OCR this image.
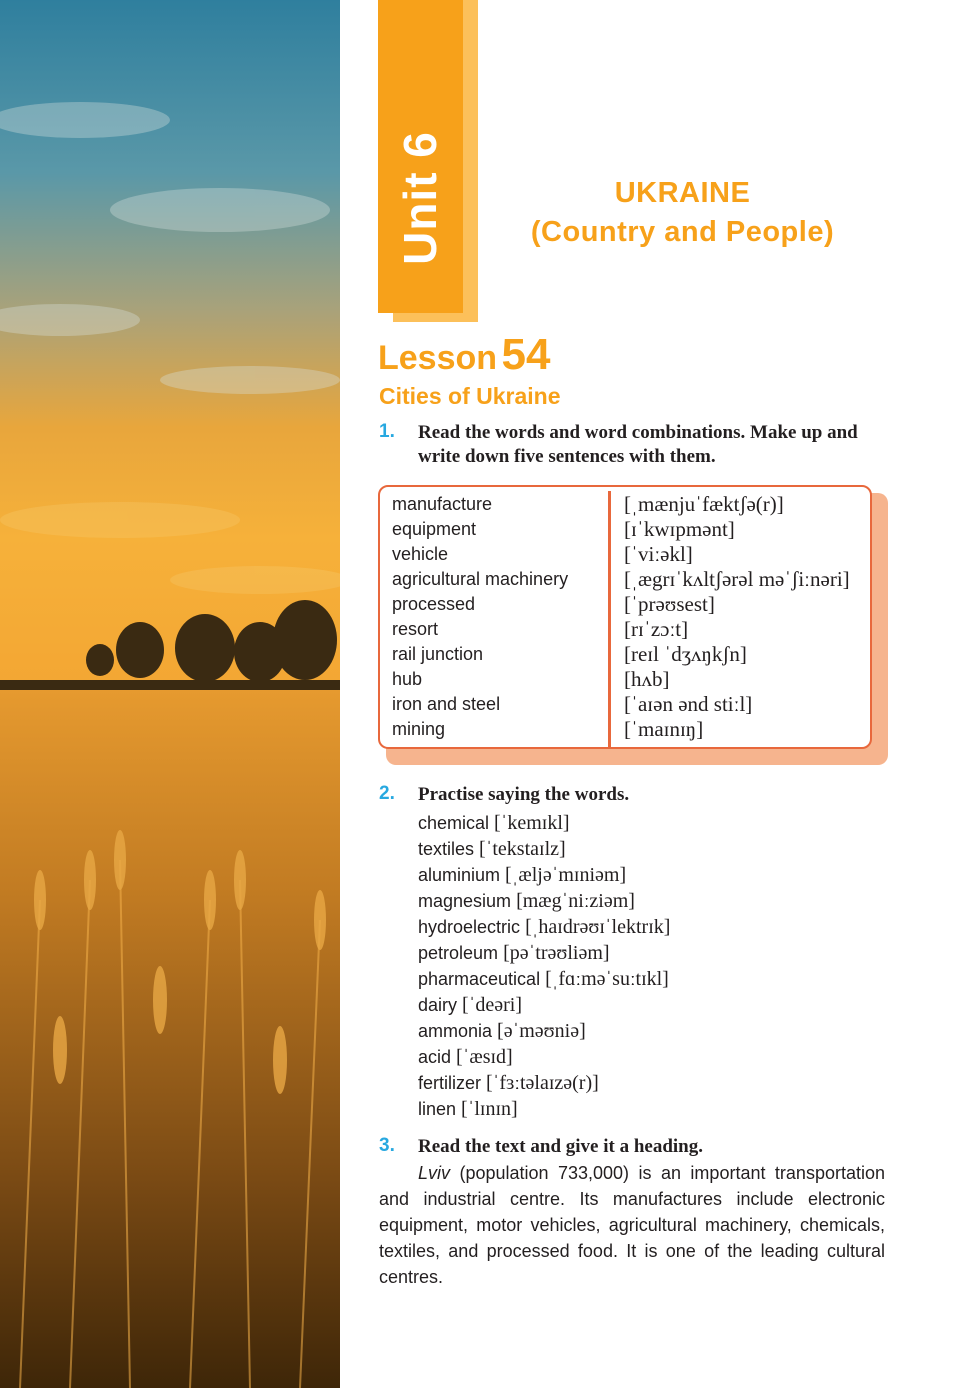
Unit 6	UKRAINE
(Country and People)
Lesson 54
Cities of Ukraine
1. Read the words and word combinations. Make up and write down five sentences with them.
manufacture
equipment
vehicle
agricultural machinery
processed
resort
rail junction
hub
iron and steel
mining
[ˌmænjuˈfæktʃə(r)]
[ɪˈkwɪpmənt]
[ˈviːəkl]
[ˌægrɪˈkʌltʃərəl məˈʃiːnəri]
[ˈprəʊsest]
[rɪˈzɔːt]
[reɪl ˈdʒʌŋkʃn]
[hʌb]
[ˈaɪən ənd stiːl]
[ˈmaɪnɪŋ]
2. Practise saying the words.
chemical [ˈkemɪkl]
textiles [ˈtekstaɪlz]
aluminium [ˌæljəˈmɪniəm]
magnesium [mægˈniːziəm]
hydroelectric [ˌhaɪdrəʊɪˈlektrɪk]
petroleum [pəˈtrəʊliəm]
pharmaceutical [ˌfɑːməˈsuːtɪkl]
dairy [ˈdeəri]
ammonia [əˈməʊniə]
acid [ˈæsɪd]
fertilizer [ˈfɜːtəlaɪzə(r)]
linen [ˈlɪnɪn]
3. Read the text and give it a heading.
Lviv (population 733,000) is an important transportation and industrial centre. Its manufactures include electronic equipment, motor vehicles, agricultural machinery, chemicals, textiles, and processed food. It is one of the leading cultural centres.
